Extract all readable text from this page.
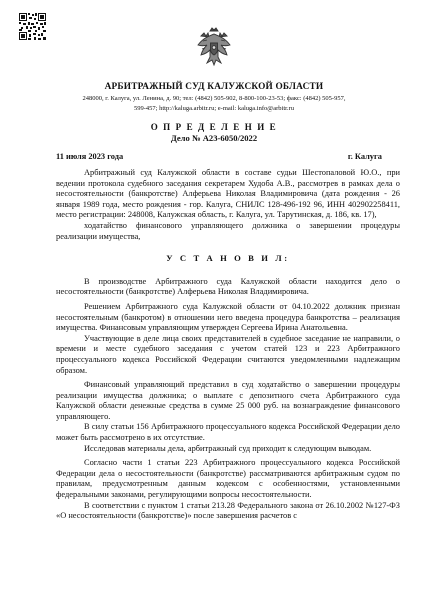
АРБИТРАЖНЫЙ СУД КАЛУЖСКОЙ ОБЛАСТИ
248000, г. Калуга, ул. Ленина, д. 90; тел: (4842) 505-902, 8-800-100-23-53; факс: (4842) 505-957,
599-457; http://kaluga.arbitr.ru; e-mail: kaluga.info@arbitr.ru
О П Р Е Д Е Л Е Н И Е
Дело № А23-6050/2022
11 июля 2023 года	г. Калуга

Арбитражный суд Калужской области в составе судьи Шестопаловой Ю.О., при ведении протокола судебного заседания секретарем Худоба А.В., рассмотрев в рамках дела о несостоятельности (банкротстве) Алферьева Николая Владимировича (дата рождения - 26 января 1989 года, место рождения - гор. Калуга, СНИЛС 128-496-192 96, ИНН 402902258411, место регистрации: 248008, Калужская область, г. Калуга, ул. Тарутинская, д. 186, кв. 17),

ходатайство финансового управляющего должника о завершении процедуры реализации имущества,

У С Т А Н О В И Л:

В производстве Арбитражного суда Калужской области находится дело о несостоятельности (банкротстве) Алферьева Николая Владимировича.

Решением Арбитражного суда Калужской области от 04.10.2022 должник признан несостоятельным (банкротом) в отношении него введена процедура банкротства – реализация имущества. Финансовым управляющим утвержден Сергеева Ирина Анатольевна.

Участвующие в деле лица своих представителей в судебное заседание не направили, о времени и месте судебного заседания с учетом статей 123 и 223 Арбитражного процессуального кодекса Российской Федерации считаются уведомленными надлежащим образом.

Финансовый управляющий представил в суд ходатайство о завершении процедуры реализации имущества должника; о выплате с депозитного счета Арбитражного суда Калужской области денежные средства в сумме 25 000 руб. на вознаграждение финансового управляющего.

В силу статьи 156 Арбитражного процессуального кодекса Российской Федерации дело может быть рассмотрено в их отсутствие.

Исследовав материалы дела, арбитражный суд приходит к следующим выводам.

Согласно части 1 статьи 223 Арбитражного процессуального кодекса Российской Федерации дела о несостоятельности (банкротстве) рассматриваются арбитражным судом по правилам, предусмотренным данным кодексом с особенностями, установленными федеральными законами, регулирующими вопросы несостоятельности.

В соответствии с пунктом 1 статьи 213.28 Федерального закона от 26.10.2002 №127-ФЗ «О несостоятельности (банкротстве)» после завершения расчетов с
